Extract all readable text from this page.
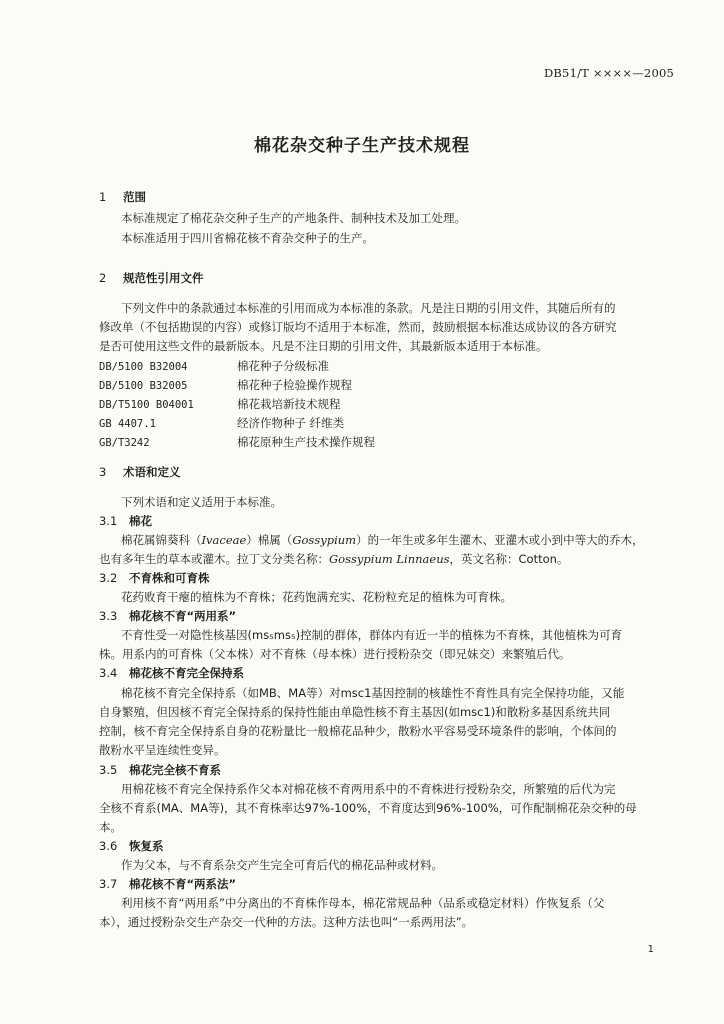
DB51/T ××××—2005
棉花杂交种子生产技术规程
1 范围
本标准规定了棉花杂交种子生产的产地条件、制种技术及加工处理。
本标准适用于四川省棉花核不育杂交种子的生产。
2 规范性引用文件
下列文件中的条款通过本标准的引用而成为本标准的条款。凡是注日期的引用文件，其随后所有的
修改单（不包括勘误的内容）或修订版均不适用于本标准，然而，鼓励根据本标准达成协议的各方研究
是否可使用这些文件的最新版本。凡是不注日期的引用文件，其最新版本适用于本标准。
DB/5100 B32004	棉花种子分级标准
DB/5100 B32005	棉花种子检验操作规程
DB/T5100 B04001	棉花栽培新技术规程
GB 4407.1	经济作物种子 纤维类
GB/T3242	棉花原种生产技术操作规程
3 术语和定义
下列术语和定义适用于本标准。
3.1 棉花
棉花属锦葵科（Ivaceae）棉属（Gossypium）的一年生或多年生灌木、亚灌木或小到中等大的乔木，
也有多年生的草本或灌木。拉丁文分类名称：Gossypium Linnaeus，英文名称：Cotton。
3.2 不育株和可育株
花药败育干瘪的植株为不育株；花药饱满充实、花粉粒充足的植株为可育株。
3.3 棉花核不育“两用系”
不育性受一对隐性核基因(ms₅ms₅)控制的群体，群体内有近一半的植株为不育株，其他植株为可育
株。用系内的可育株（父本株）对不育株（母本株）进行授粉杂交（即兄妹交）来繁殖后代。
3.4 棉花核不育完全保持系
棉花核不育完全保持系（如MB、MA等）对msc1基因控制的核雄性不育性具有完全保持功能，又能
自身繁殖，但因核不育完全保持系的保持性能由单隐性核不育主基因(如msc1)和散粉多基因系统共同
控制，核不育完全保持系自身的花粉量比一般棉花品种少，散粉水平容易受环境条件的影响，个体间的
散粉水平呈连续性变异。
3.5 棉花完全核不育系
用棉花核不育完全保持系作父本对棉花核不育两用系中的不育株进行授粉杂交，所繁殖的后代为完
全核不育系(MA、MA等)，其不育株率达97%-100%，不育度达到96%-100%，可作配制棉花杂交种的母
本。
3.6 恢复系
作为父本，与不育系杂交产生完全可育后代的棉花品种或材料。
3.7 棉花核不育“两系法”
利用核不育“两用系”中分离出的不育株作母本，棉花常规品种（品系或稳定材料）作恢复系（父
本），通过授粉杂交生产杂交一代种的方法。这种方法也叫“一系两用法”。
1
